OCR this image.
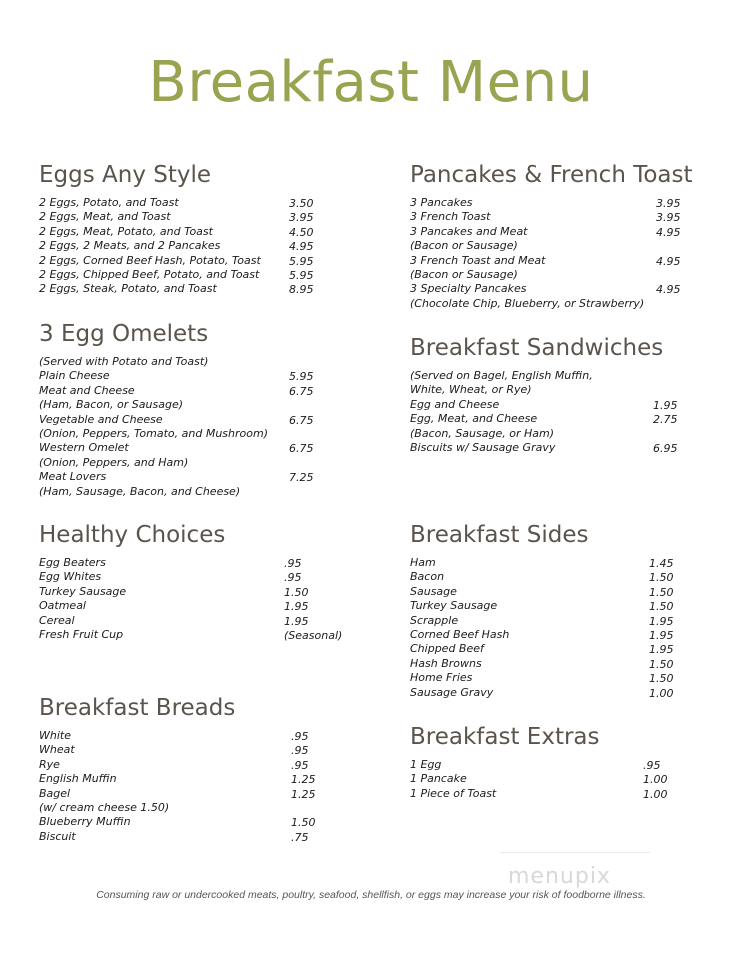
Breakfast Menu
Eggs Any Style
2 Eggs, Potato, and Toast	3.50
2 Eggs, Meat, and Toast	3.95
2 Eggs, Meat, Potato, and Toast	4.50
2 Eggs, 2 Meats, and 2 Pancakes	4.95
2 Eggs, Corned Beef Hash, Potato, Toast	5.95
2 Eggs, Chipped Beef, Potato, and Toast	5.95
2 Eggs, Steak, Potato, and Toast	8.95
3 Egg Omelets
(Served with Potato and Toast)
Plain Cheese	5.95
Meat and Cheese	6.75
(Ham, Bacon, or Sausage)
Vegetable and Cheese	6.75
(Onion, Peppers, Tomato, and Mushroom)
Western Omelet	6.75
(Onion, Peppers, and Ham)
Meat Lovers	7.25
(Ham, Sausage, Bacon, and Cheese)
Healthy Choices
Egg Beaters	.95
Egg Whites	.95
Turkey Sausage	1.50
Oatmeal	1.95
Cereal	1.95
Fresh Fruit Cup	(Seasonal)
Breakfast Breads
White	.95
Wheat	.95
Rye	.95
English Muffin	1.25
Bagel	1.25
(w/ cream cheese 1.50)
Blueberry Muffin	1.50
Biscuit	.75
Pancakes & French Toast
3 Pancakes	3.95
3 French Toast	3.95
3 Pancakes and Meat	4.95
(Bacon or Sausage)
3 French Toast and Meat	4.95
(Bacon or Sausage)
3 Specialty Pancakes	4.95
(Chocolate Chip, Blueberry, or Strawberry)
Breakfast Sandwiches
(Served on Bagel, English Muffin,
White, Wheat, or Rye)
Egg and Cheese	1.95
Egg, Meat, and Cheese	2.75
(Bacon, Sausage, or Ham)
Biscuits w/ Sausage Gravy	6.95
Breakfast Sides
Ham	1.45
Bacon	1.50
Sausage	1.50
Turkey Sausage	1.50
Scrapple	1.95
Corned Beef Hash	1.95
Chipped Beef	1.95
Hash Browns	1.50
Home Fries	1.50
Sausage Gravy	1.00
Breakfast Extras
1 Egg	.95
1 Pancake	1.00
1 Piece of Toast	1.00
menupix
Consuming raw or undercooked meats, poultry, seafood, shellfish, or eggs may increase your risk of foodborne illness.
